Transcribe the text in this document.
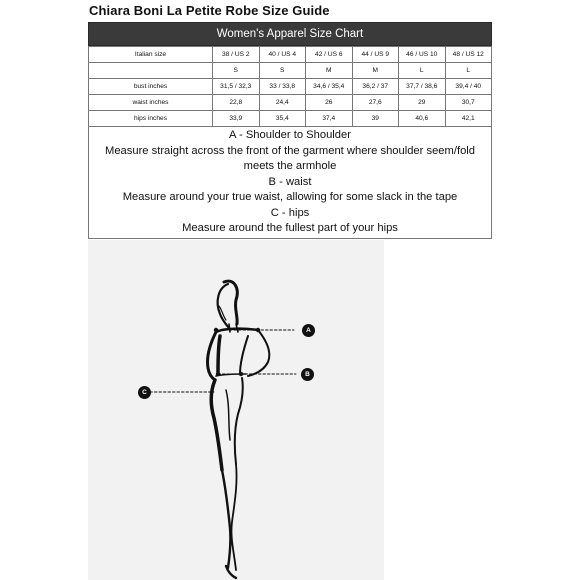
Chiara Boni La Petite Robe Size Guide
Women's Apparel Size Chart
Italian size	38 / US 2	40 / US 4	42 / US 6	44 / US 9	46 / US 10	48 / US 12
	S	S	M	M	L	L
bust inches	31,5 / 32,3	33 / 33,8	34,6 / 35,4	36,2 / 37	37,7 / 38,6	39,4 / 40
waist inches	22,8	24,4	26	27,6	29	30,7
hips inches	33,9	35,4	37,4	39	40,6	42,1
A - Shoulder to Shoulder
Measure straight across the front of the garment where shoulder seem/fold meets the armhole
B - waist
Measure around your true waist, allowing for some slack in the tape
C - hips
Measure around the fullest part of your hips
A
B
C
